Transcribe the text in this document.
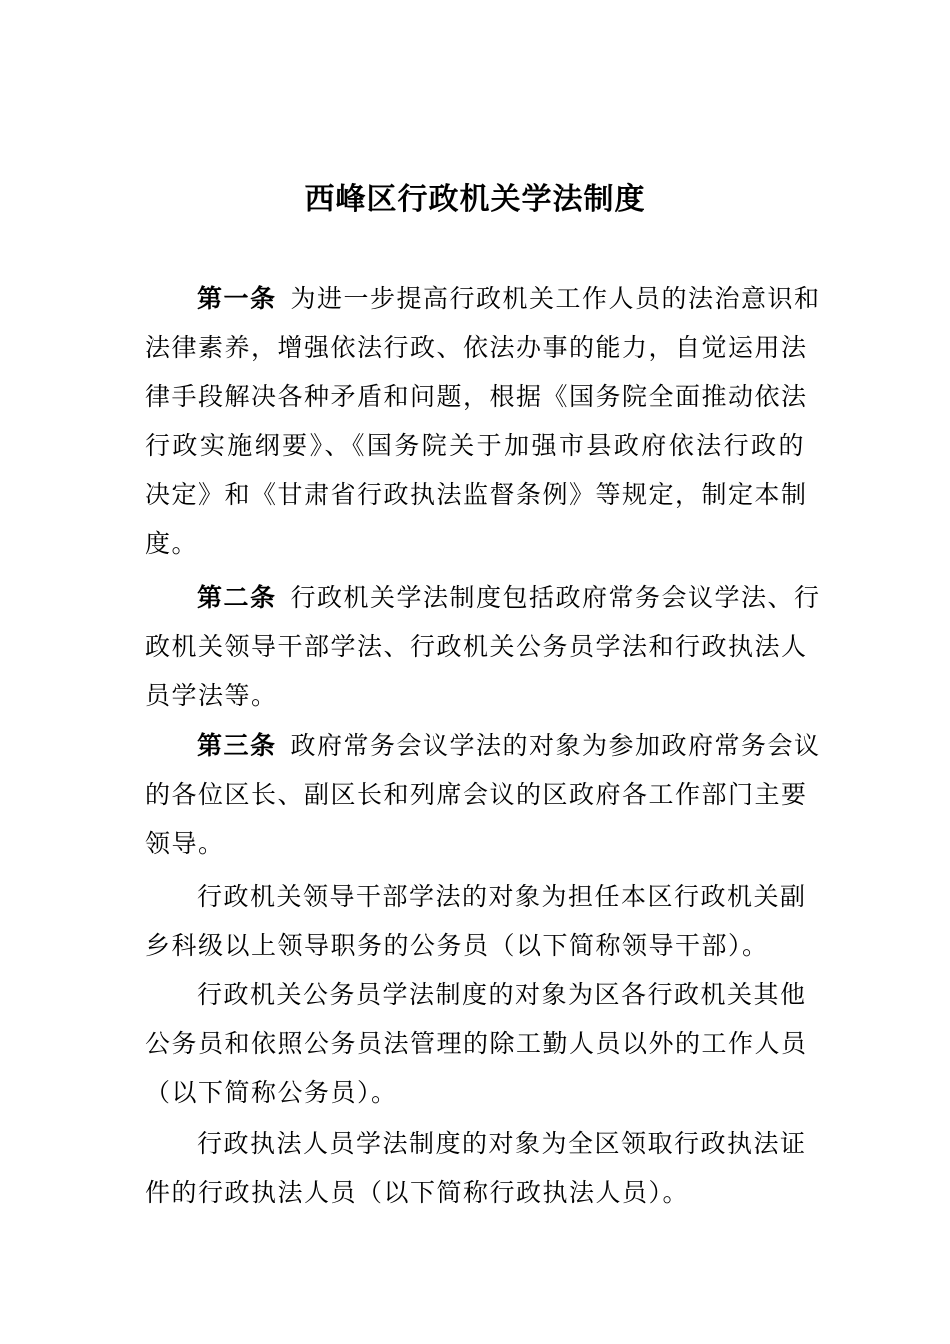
西峰区行政机关学法制度
第一条 为进一步提高行政机关工作人员的法治意识和
法律素养，增强依法行政、依法办事的能力，自觉运用法
律手段解决各种矛盾和问题，根据《国务院全面推动依法
行政实施纲要》、《国务院关于加强市县政府依法行政的
决定》和《甘肃省行政执法监督条例》等规定，制定本制
度。
第二条 行政机关学法制度包括政府常务会议学法、行
政机关领导干部学法、行政机关公务员学法和行政执法人
员学法等。
第三条 政府常务会议学法的对象为参加政府常务会议
的各位区长、副区长和列席会议的区政府各工作部门主要
领导。
行政机关领导干部学法的对象为担任本区行政机关副
乡科级以上领导职务的公务员（以下简称领导干部）。
行政机关公务员学法制度的对象为区各行政机关其他
公务员和依照公务员法管理的除工勤人员以外的工作人员
（以下简称公务员）。
行政执法人员学法制度的对象为全区领取行政执法证
件的行政执法人员（以下简称行政执法人员）。
